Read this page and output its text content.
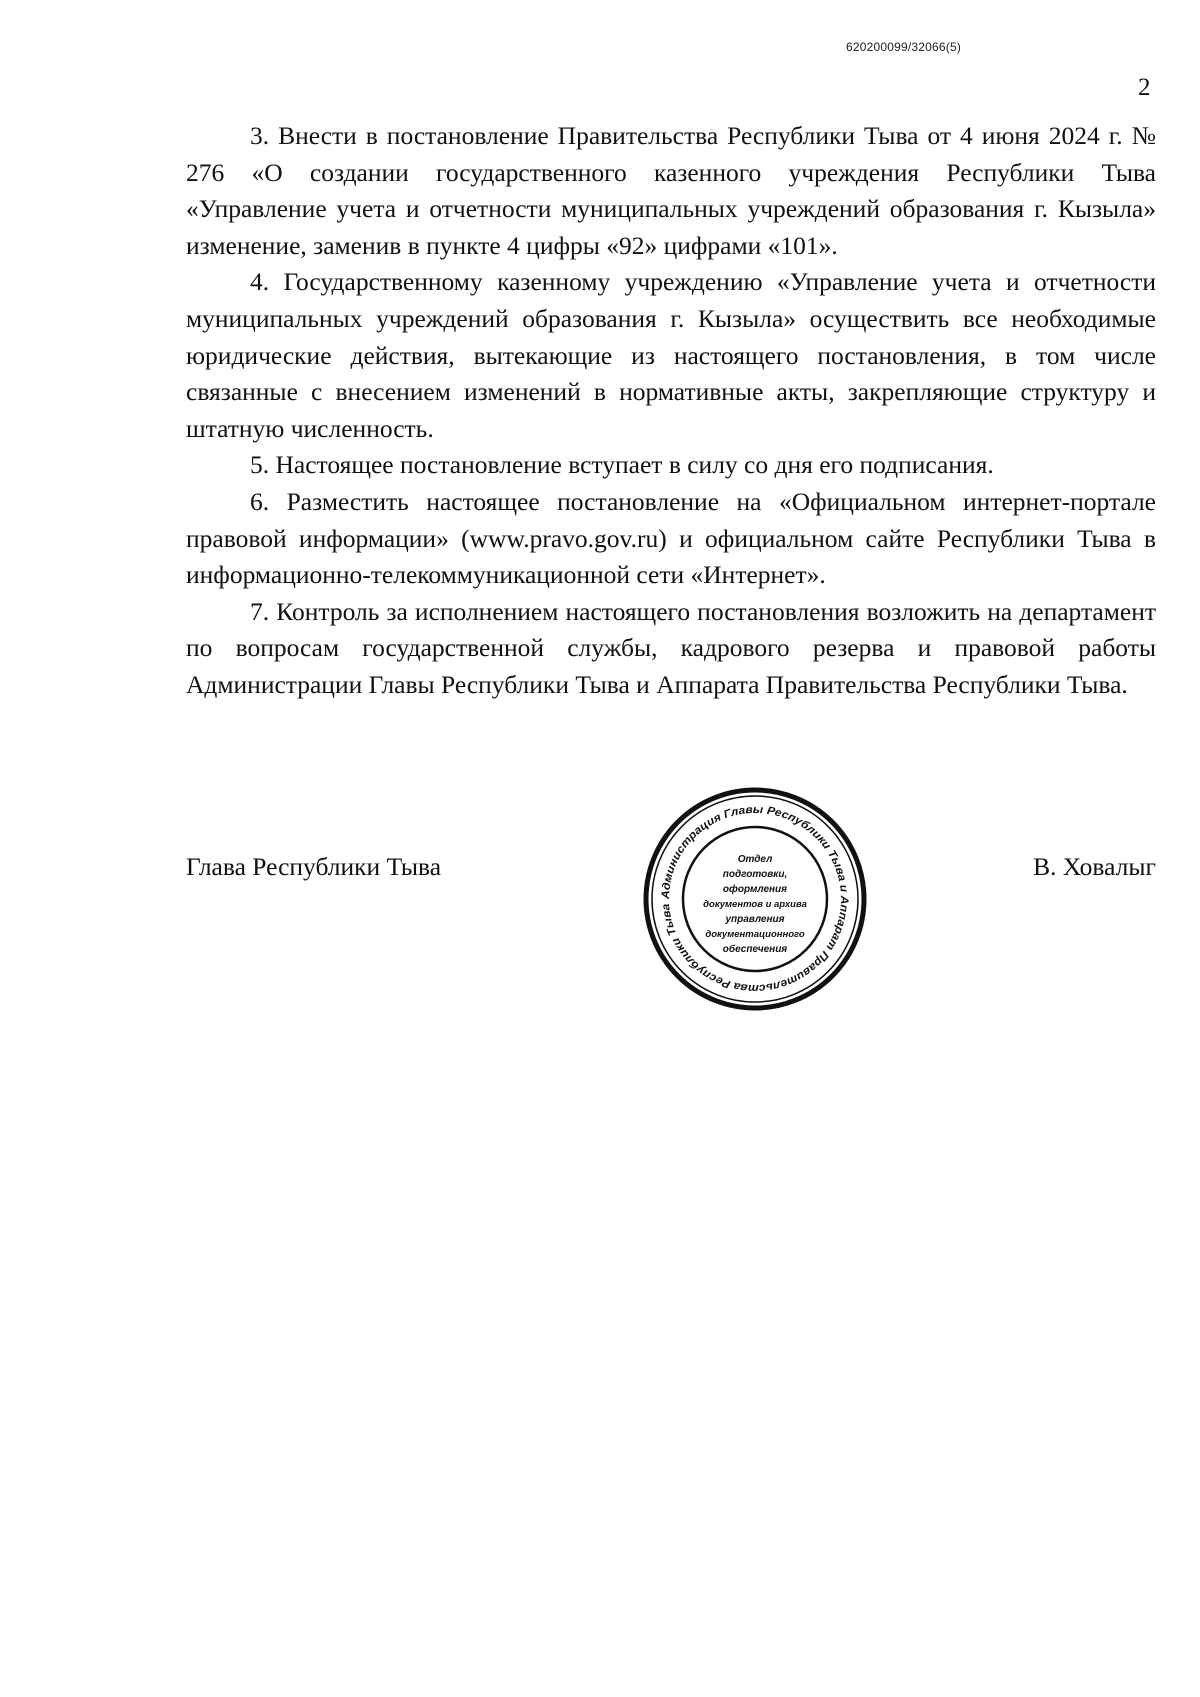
620200099/32066(5)
2

3. Внести в постановление Правительства Республики Тыва от 4 июня 2024 г. № 276 «О создании государственного казенного учреждения Республики Тыва «Управление учета и отчетности муниципальных учреждений образования г. Кызыла» изменение, заменив в пункте 4 цифры «92» цифрами «101».

4. Государственному казенному учреждению «Управление учета и отчетности муниципальных учреждений образования г. Кызыла» осуществить все необходимые юридические действия, вытекающие из настоящего постановления, в том числе связанные с внесением изменений в нормативные акты, закрепляющие структуру и штатную численность.

5. Настоящее постановление вступает в силу со дня его подписания.

6. Разместить настоящее постановление на «Официальном интернет-портале правовой информации» (www.pravo.gov.ru) и официальном сайте Республики Тыва в информационно-телекоммуникационной сети «Интернет».

7. Контроль за исполнением настоящего постановления возложить на департамент по вопросам государственной службы, кадрового резерва и правовой работы Администрации Главы Республики Тыва и Аппарата Правительства Республики Тыва.

Глава Республики Тыва	В. Ховалыг
Администрация Главы Республики Тыва и Аппарат Правительства Республики Тыва
Отдел
подготовки,
оформления
документов и архива
управления
документационного
обеспечения
